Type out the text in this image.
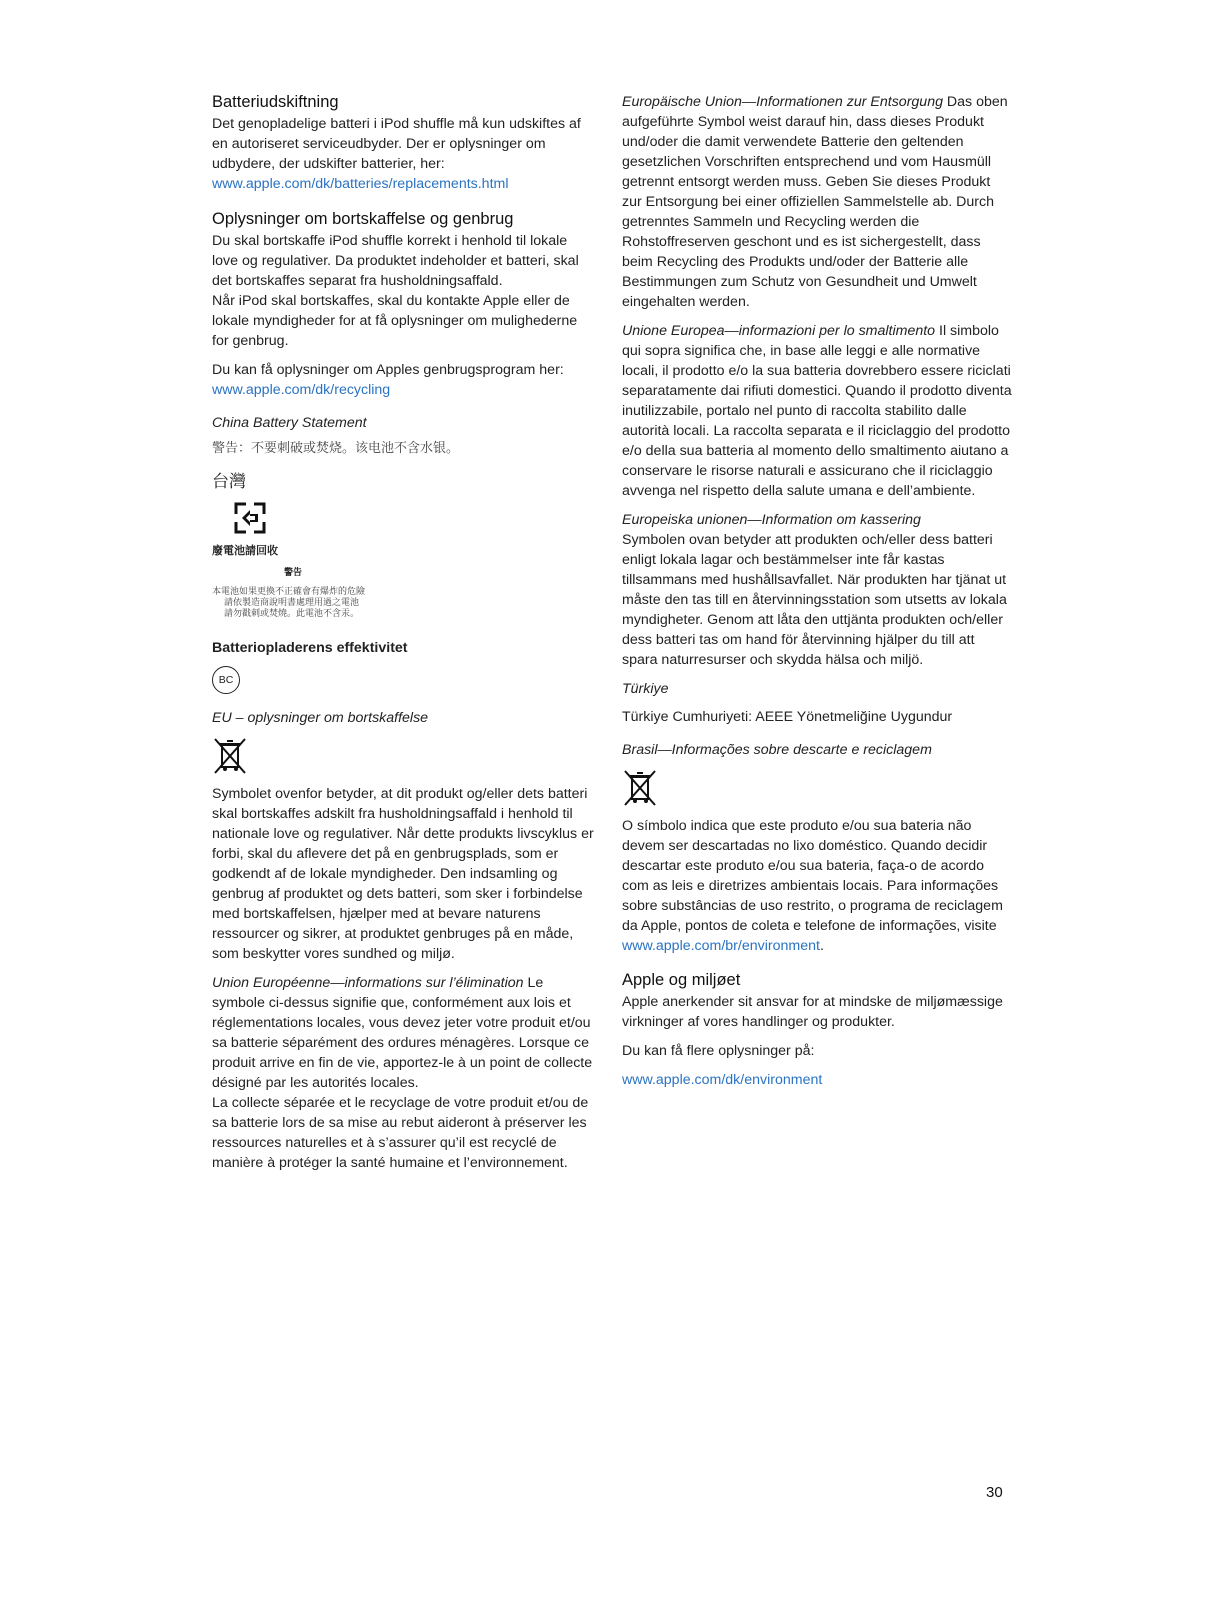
Batteriudskiftning

Det genopladelige batteri i iPod shuffle må kun udskiftes af en autoriseret serviceudbyder. Der er oplysninger om udbydere, der udskifter batterier, her:

www.apple.com/dk/batteries/replacements.html

Oplysninger om bortskaffelse og genbrug

Du skal bortskaffe iPod shuffle korrekt i henhold til lokale love og regulativer. Da produktet indeholder et batteri, skal det bortskaffes separat fra husholdningsaffald.

Når iPod skal bortskaffes, skal du kontakte Apple eller de lokale myndigheder for at få oplysninger om mulighederne for genbrug.

Du kan få oplysninger om Apples genbrugsprogram her:

www.apple.com/dk/recycling

China Battery Statement

警告：不要刺破或焚烧。该电池不含水银。

台灣
廢電池請回收
警告
本電池如果更換不正確會有爆炸的危險
請依製造商說明書處理用過之電池
請勿戳刺或焚燒。此電池不含汞。

Batteriopladerens effektivitet

BC

EU – oplysninger om bortskaffelse

Symbolet ovenfor betyder, at dit produkt og/eller dets batteri skal bortskaffes adskilt fra husholdningsaffald i henhold til nationale love og regulativer. Når dette produkts livscyklus er forbi, skal du aflevere det på en genbrugsplads, som er godkendt af de lokale myndigheder. Den indsamling og genbrug af produktet og dets batteri, som sker i forbindelse med bortskaffelsen, hjælper med at bevare naturens ressourcer og sikrer, at produktet genbruges på en måde, som beskytter vores sundhed og miljø.

Union Européenne—informations sur l’élimination Le symbole ci-dessus signifie que, conformément aux lois et réglementations locales, vous devez jeter votre produit et/ou sa batterie séparément des ordures ménagères. Lorsque ce produit arrive en fin de vie, apportez-le à un point de collecte désigné par les autorités locales.

La collecte séparée et le recyclage de votre produit et/ou de sa batterie lors de sa mise au rebut aideront à préserver les ressources naturelles et à s’assurer qu’il est recyclé de manière à protéger la santé humaine et l’environnement.

Europäische Union—Informationen zur Entsorgung Das oben aufgeführte Symbol weist darauf hin, dass dieses Produkt und/oder die damit verwendete Batterie den geltenden gesetzlichen Vorschriften entsprechend und vom Hausmüll getrennt entsorgt werden muss. Geben Sie dieses Produkt zur Entsorgung bei einer offiziellen Sammelstelle ab. Durch getrenntes Sammeln und Recycling werden die Rohstoffreserven geschont und es ist sichergestellt, dass beim Recycling des Produkts und/oder der Batterie alle Bestimmungen zum Schutz von Gesundheit und Umwelt eingehalten werden.

Unione Europea—informazioni per lo smaltimento Il simbolo qui sopra significa che, in base alle leggi e alle normative locali, il prodotto e/o la sua batteria dovrebbero essere riciclati separatamente dai rifiuti domestici. Quando il prodotto diventa inutilizzabile, portalo nel punto di raccolta stabilito dalle autorità locali. La raccolta separata e il riciclaggio del prodotto e/o della sua batteria al momento dello smaltimento aiutano a conservare le risorse naturali e assicurano che il riciclaggio avvenga nel rispetto della salute umana e dell’ambiente.

Europeiska unionen—Information om kassering

Symbolen ovan betyder att produkten och/eller dess batteri enligt lokala lagar och bestämmelser inte får kastas tillsammans med hushållsavfallet. När produkten har tjänat ut måste den tas till en återvinningsstation som utsetts av lokala myndigheter. Genom att låta den uttjänta produkten och/eller dess batteri tas om hand för återvinning hjälper du till att spara naturresurser och skydda hälsa och miljö.

Türkiye

Türkiye Cumhuriyeti: AEEE Yönetmeliğine Uygundur

Brasil—Informações sobre descarte e reciclagem

O símbolo indica que este produto e/ou sua bateria não devem ser descartadas no lixo doméstico. Quando decidir descartar este produto e/ou sua bateria, faça-o de acordo com as leis e diretrizes ambientais locais. Para informações sobre substâncias de uso restrito, o programa de reciclagem da Apple, pontos de coleta e telefone de informações, visite www.apple.com/br/environment.

Apple og miljøet

Apple anerkender sit ansvar for at mindske de miljømæssige virkninger af vores handlinger og produkter.

Du kan få flere oplysninger på:

www.apple.com/dk/environment

30
